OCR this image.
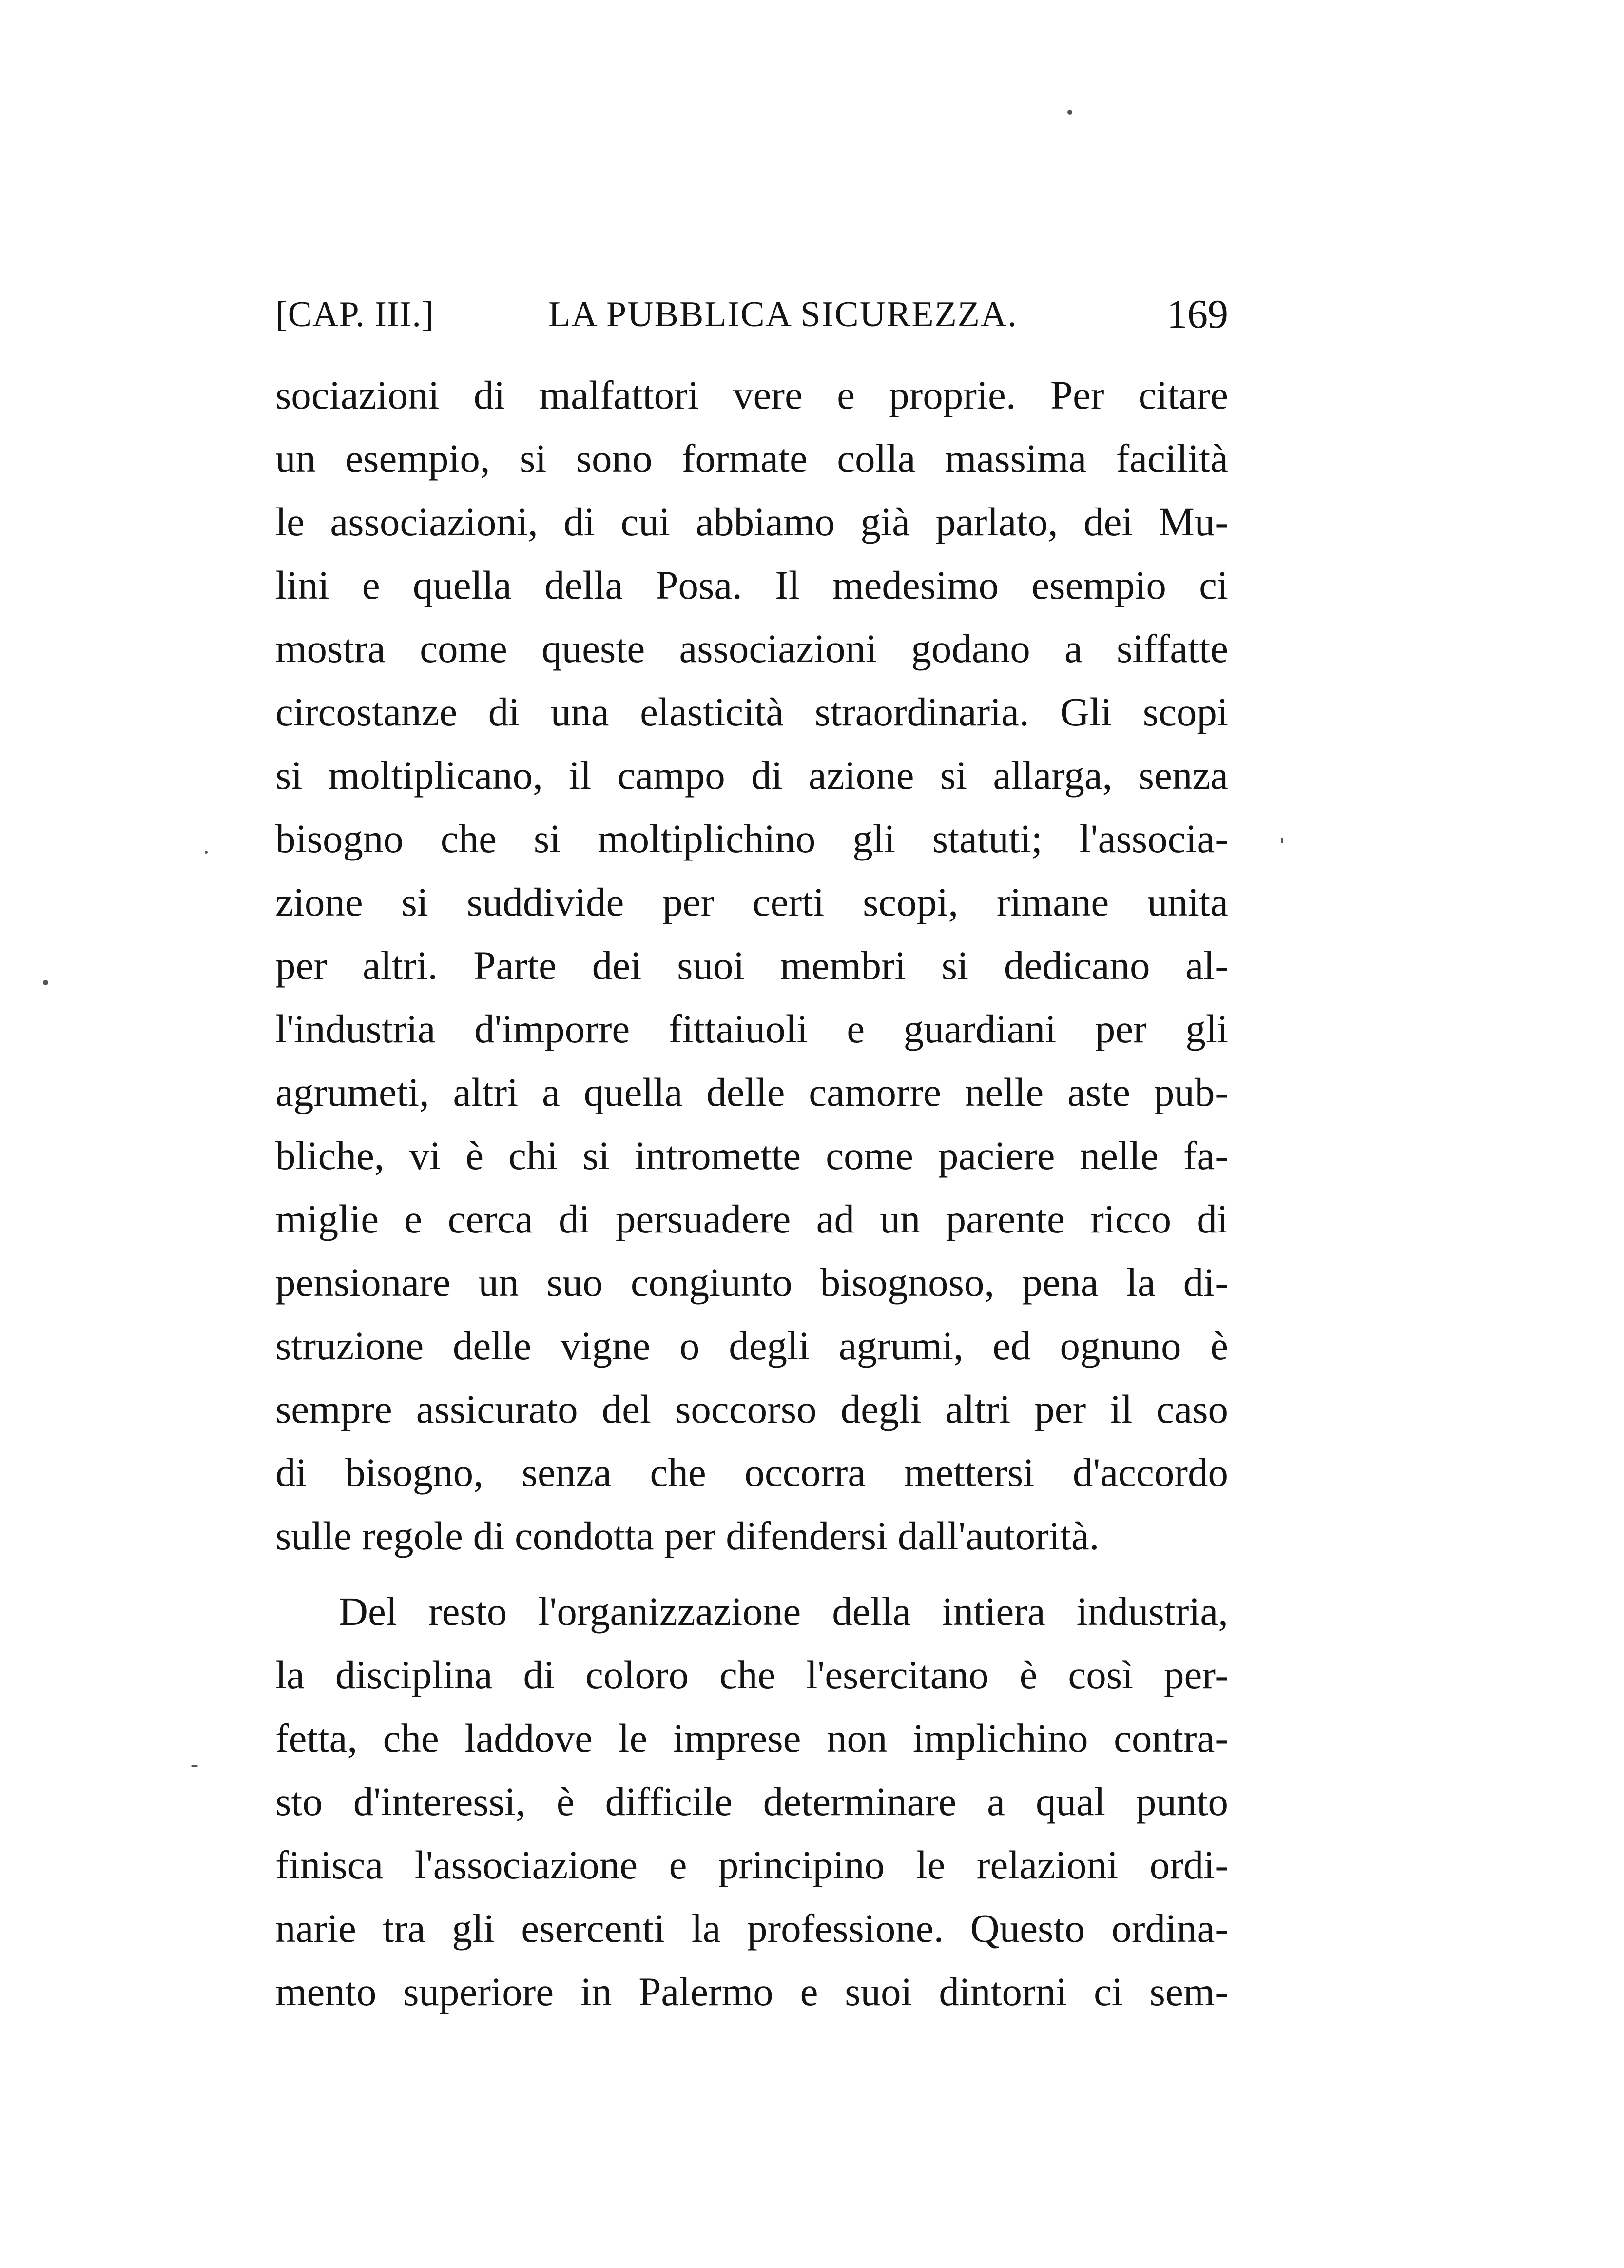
[CAP. III.]	LA PUBBLICA SICUREZZA.	169
sociazioni di malfattori vere e proprie. Per citare
un esempio, si sono formate colla massima facilità
le associazioni, di cui abbiamo già parlato, dei Mu-
lini e quella della Posa. Il medesimo esempio ci
mostra come queste associazioni godano a siffatte
circostanze di una elasticità straordinaria. Gli scopi
si moltiplicano, il campo di azione si allarga, senza
bisogno che si moltiplichino gli statuti; l'associa-
zione si suddivide per certi scopi, rimane unita
per altri. Parte dei suoi membri si dedicano al-
l'industria d'imporre fittaiuoli e guardiani per gli
agrumeti, altri a quella delle camorre nelle aste pub-
bliche, vi è chi si intromette come paciere nelle fa-
miglie e cerca di persuadere ad un parente ricco di
pensionare un suo congiunto bisognoso, pena la di-
struzione delle vigne o degli agrumi, ed ognuno è
sempre assicurato del soccorso degli altri per il caso
di bisogno, senza che occorra mettersi d'accordo
sulle regole di condotta per difendersi dall'autorità.
Del resto l'organizzazione della intiera industria,
la disciplina di coloro che l'esercitano è così per-
fetta, che laddove le imprese non implichino contra-
sto d'interessi, è difficile determinare a qual punto
finisca l'associazione e principino le relazioni ordi-
narie tra gli esercenti la professione. Questo ordina-
mento superiore in Palermo e suoi dintorni ci sem-
